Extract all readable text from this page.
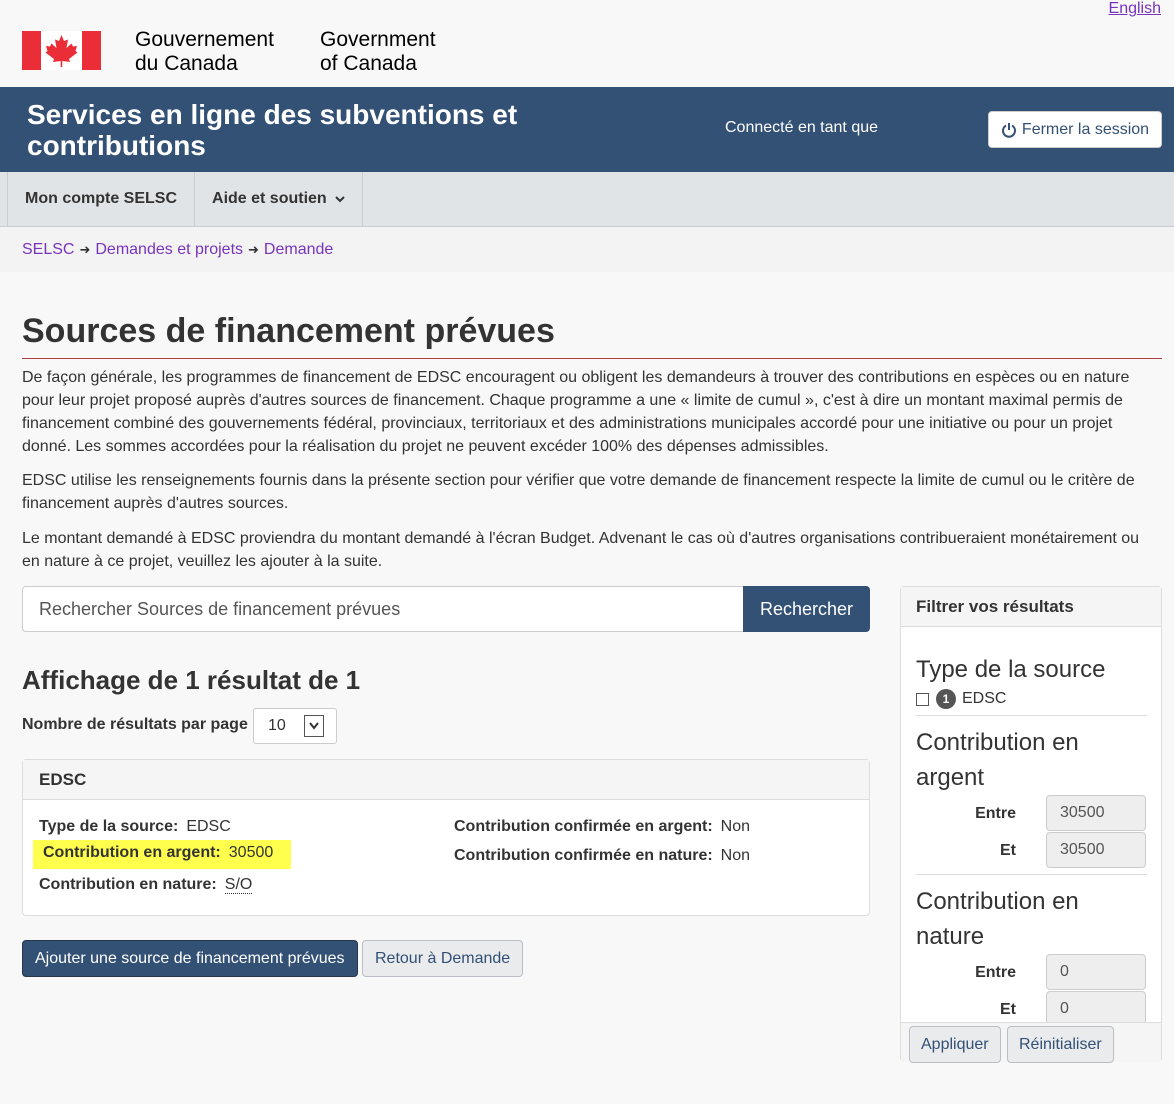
English
Gouvernement
du Canada
Government
of Canada
Services en ligne des subventions et contributions
Connecté en tant que	Fermer la session
Mon compte SELSC Aide et soutien
SELSC ➜ Demandes et projets ➜ Demande
Sources de financement prévues

De façon générale, les programmes de financement de EDSC encouragent ou obligent les demandeurs à trouver des contributions en espèces ou en nature pour leur projet proposé auprès d'autres sources de financement. Chaque programme a une « limite de cumul », c'est à dire un montant maximal permis de financement combiné des gouvernements fédéral, provinciaux, territoriaux et des administrations municipales accordé pour une initiative ou pour un projet donné. Les sommes accordées pour la réalisation du projet ne peuvent excéder 100% des dépenses admissibles.

EDSC utilise les renseignements fournis dans la présente section pour vérifier que votre demande de financement respecte la limite de cumul ou le critère de financement auprès d'autres sources.

Le montant demandé à EDSC proviendra du montant demandé à l'écran Budget. Advenant le cas où d'autres organisations contribueraient monétairement ou en nature à ce projet, veuillez les ajouter à la suite.

Rechercher Sources de financement prévues	Rechercher
Affichage de 1 résultat de 1
Nombre de résultats par page 10
EDSC
Type de la source: EDSC
Contribution en argent: 30500
Contribution en nature: S/O
Contribution confirmée en argent: Non
Contribution confirmée en nature: Non
Ajouter une source de financement prévues	Retour à Demande
Filtrer vos résultats
Type de la source
1 EDSC
Contribution en argent
Entre	30500
Et	30500
Contribution en nature
Entre	0
Et	0
Appliquer	Réinitialiser
